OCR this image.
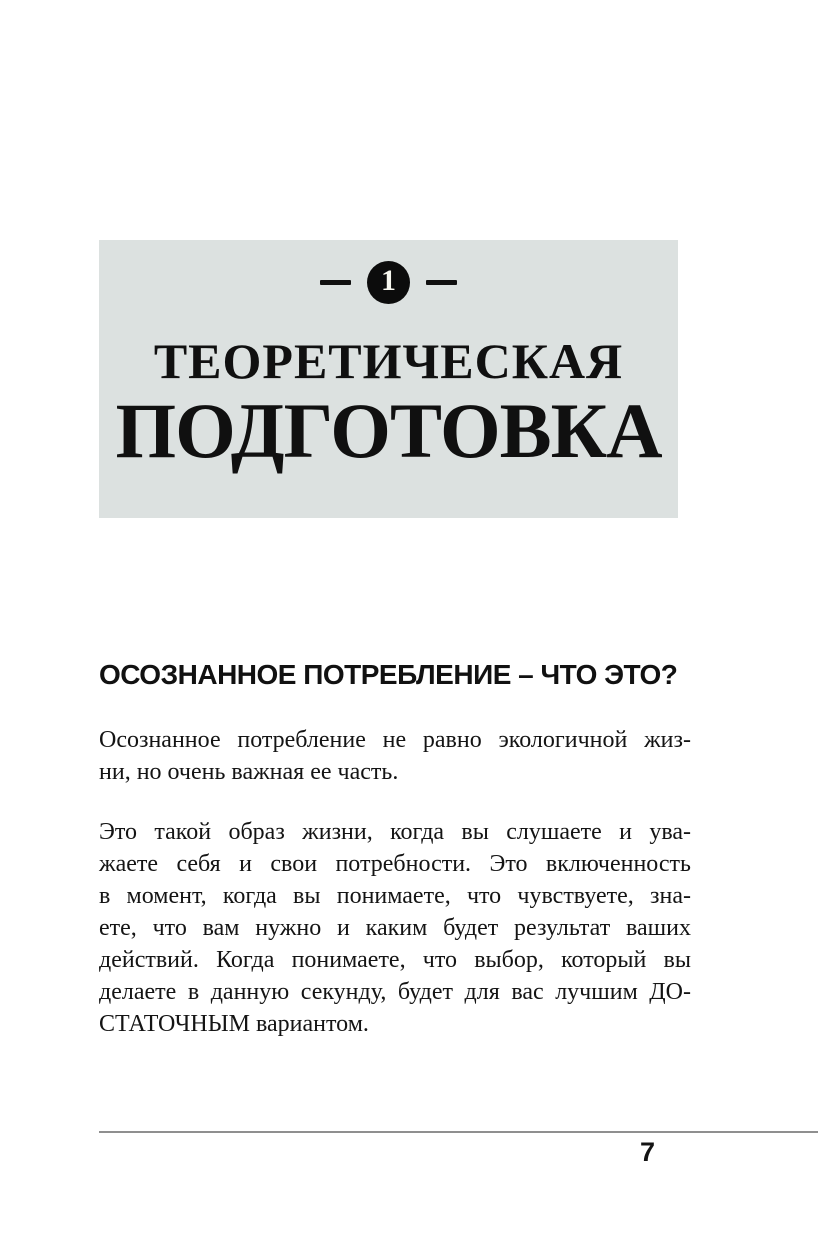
1
ТЕОРЕТИЧЕСКАЯ
ПОДГОТОВКА
ОСОЗНАННОЕ ПОТРЕБЛЕНИЕ – ЧТО ЭТО?
Осознанное потребление не равно экологичной жиз-
ни, но очень важная ее часть.
Это такой образ жизни, когда вы слушаете и ува-
жаете себя и свои потребности. Это включенность
в момент, когда вы понимаете, что чувствуете, зна-
ете, что вам нужно и каким будет результат ваших
действий. Когда понимаете, что выбор, который вы
делаете в данную секунду, будет для вас лучшим ДО-
СТАТОЧНЫМ вариантом.
7
